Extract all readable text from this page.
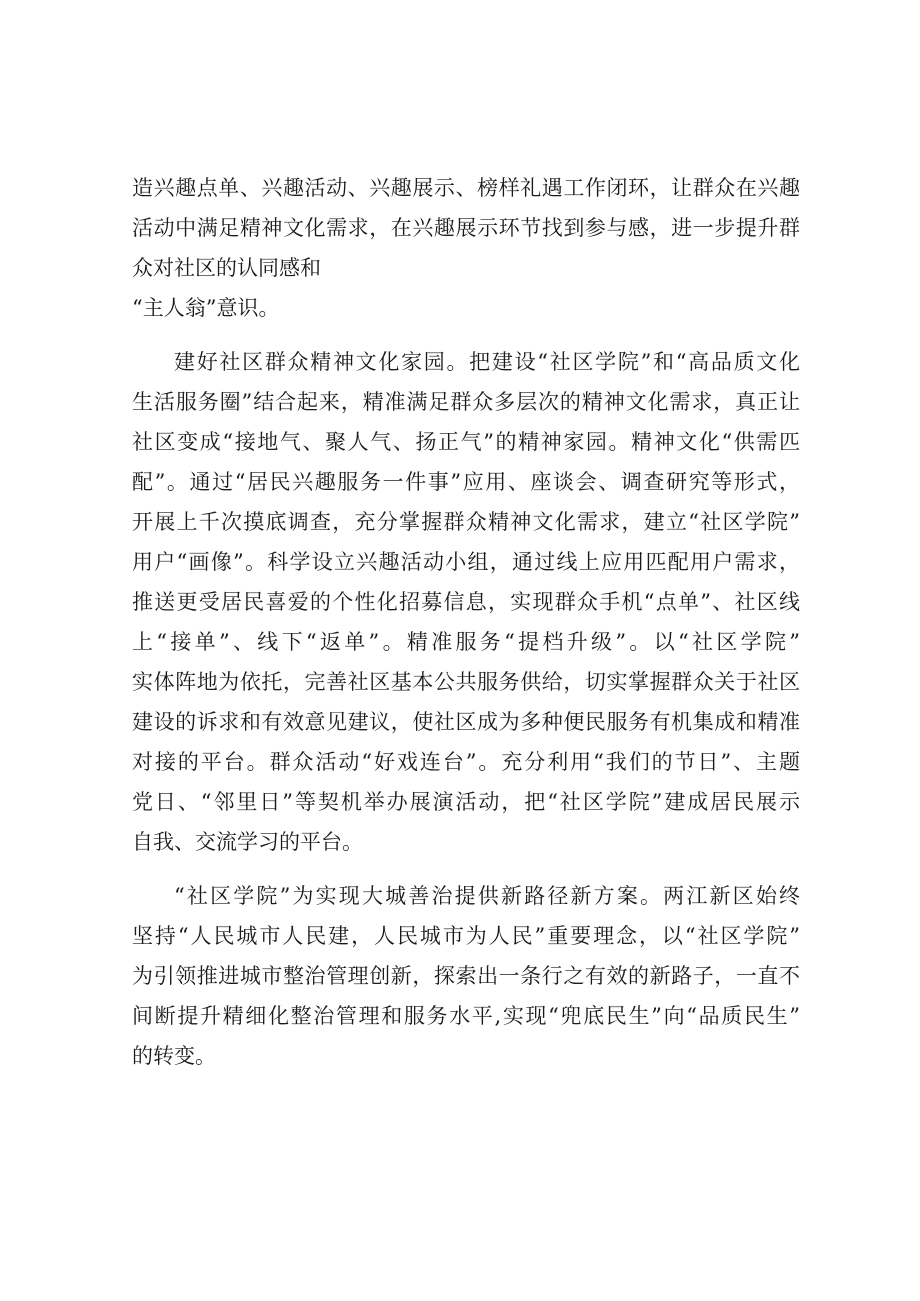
造兴趣点单、兴趣活动、兴趣展示、榜样礼遇工作闭环，让群众在兴趣
活动中满足精神文化需求，在兴趣展示环节找到参与感，进一步提升群
众对社区的认同感和
“主人翁”意识。
建好社区群众精神文化家园。把建设“社区学院”和“高品质文化
生活服务圈”结合起来，精准满足群众多层次的精神文化需求，真正让
社区变成“接地气、聚人气、扬正气”的精神家园。精神文化“供需匹
配”。通过“居民兴趣服务一件事”应用、座谈会、调查研究等形式，
开展上千次摸底调查，充分掌握群众精神文化需求，建立“社区学院”
用户“画像”。科学设立兴趣活动小组，通过线上应用匹配用户需求，
推送更受居民喜爱的个性化招募信息，实现群众手机“点单”、社区线
上“接单”、线下“返单”。精准服务“提档升级”。以“社区学院”
实体阵地为依托，完善社区基本公共服务供给，切实掌握群众关于社区
建设的诉求和有效意见建议，使社区成为多种便民服务有机集成和精准
对接的平台。群众活动“好戏连台”。充分利用“我们的节日”、主题
党日、“邻里日”等契机举办展演活动，把“社区学院”建成居民展示
自我、交流学习的平台。
“社区学院”为实现大城善治提供新路径新方案。两江新区始终
坚持“人民城市人民建，人民城市为人民”重要理念，以“社区学院”
为引领推进城市整治管理创新，探索出一条行之有效的新路子，一直不
间断提升精细化整治管理和服务水平,实现“兜底民生”向“品质民生”
的转变。
